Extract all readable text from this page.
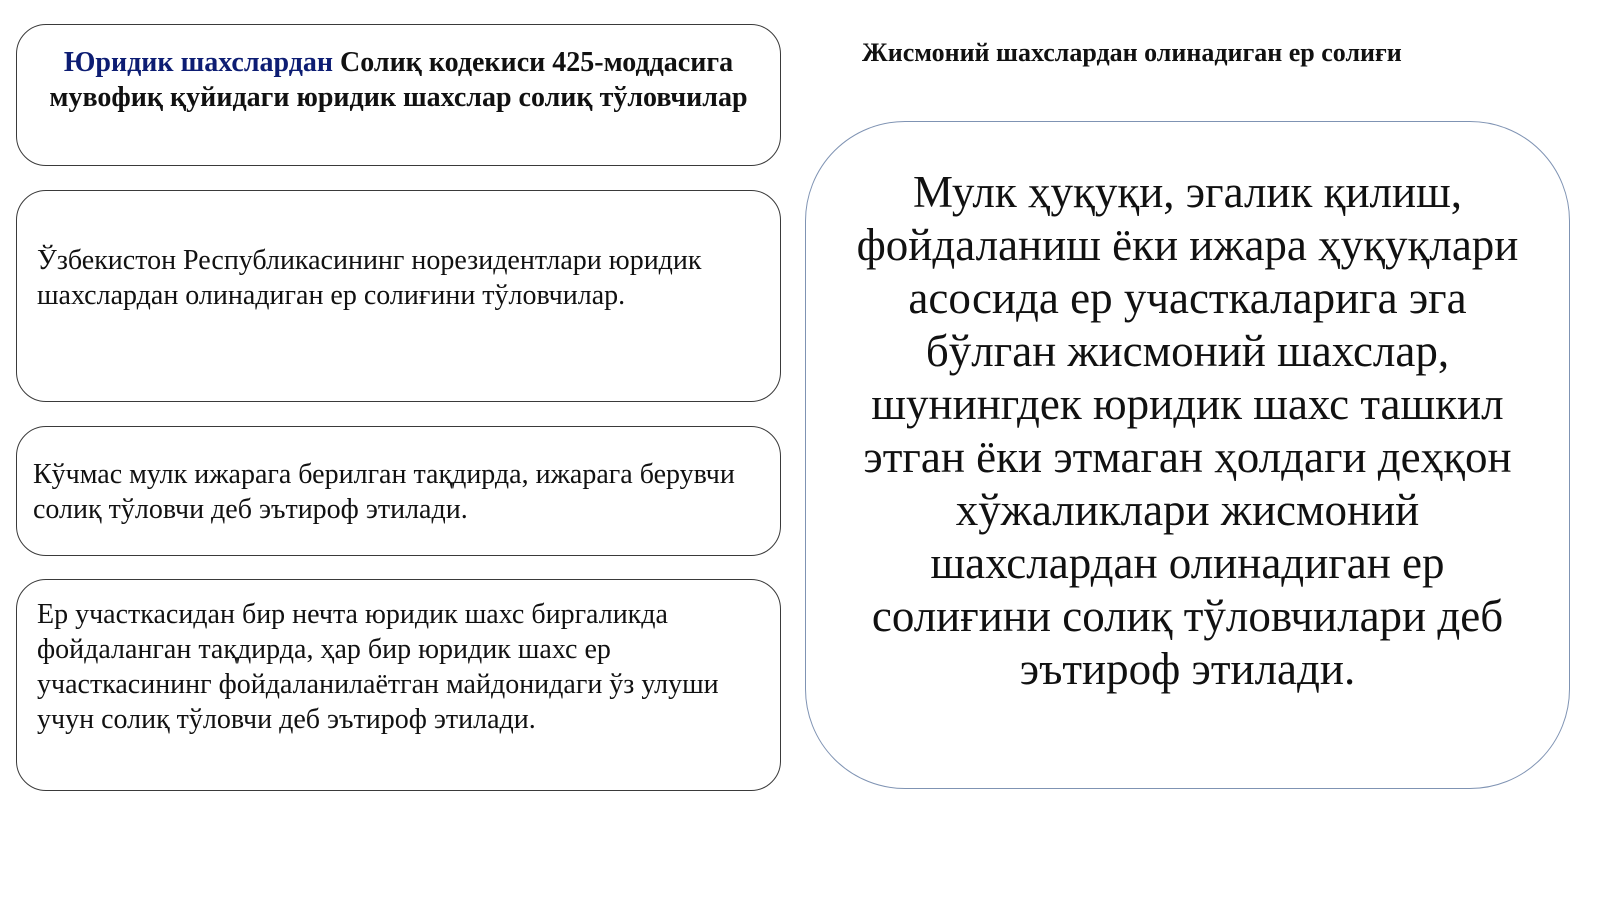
Юридик шахслардан Солиқ кодекиси 425-моддасига мувофиқ қуйидаги юридик шахслар солиқ тўловчилар
Ўзбекистон Республикасининг норезидентлари юридик шахслардан олинадиган ер солиғини тўловчилар.
Кўчмас мулк ижарага берилган тақдирда, ижарага берувчи солиқ тўловчи деб эътироф этилади.
Ер участкасидан бир нечта юридик шахс биргаликда фойдаланган тақдирда, ҳар бир юридик шахс ер участкасининг фойдаланилаётган майдонидаги ўз улуши учун солиқ тўловчи деб эътироф этилади.
Жисмоний шахслардан олинадиган ер солиғи
Мулк ҳуқуқи, эгалик қилиш, фойдаланиш ёки ижара ҳуқуқлари асосида ер участкаларига эга бўлган жисмоний шахслар, шунингдек юридик шахс ташкил этган ёки этмаган ҳолдаги деҳқон хўжаликлари жисмоний шахслардан олинадиган ер солиғини солиқ тўловчилари деб эътироф этилади.
